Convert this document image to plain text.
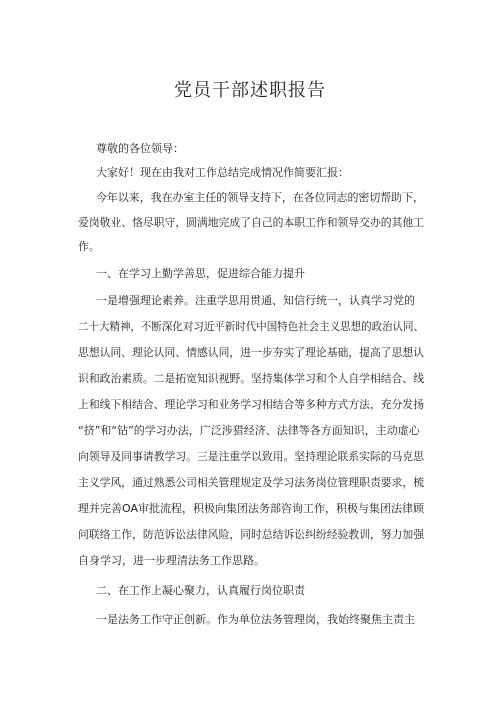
党员干部述职报告
尊敬的各位领导：
大家好！现在由我对工作总结完成情况作简要汇报：
今年以来，我在办室主任的领导支持下，在各位同志的密切帮助下，
爱岗敬业、恪尽职守，圆满地完成了自己的本职工作和领导交办的其他工
作。
一、在学习上勤学善思，促进综合能力提升
一是增强理论素养。注重学思用贯通、知信行统一，认真学习党的
二十大精神，不断深化对习近平新时代中国特色社会主义思想的政治认同、
思想认同、理论认同、情感认同，进一步夯实了理论基础，提高了思想认
识和政治素质。二是拓宽知识视野。坚持集体学习和个人自学相结合、线
上和线下相结合、理论学习和业务学习相结合等多种方式方法，充分发扬
“挤”和“钻”的学习办法，广泛涉猎经济、法律等各方面知识，主动虚心
向领导及同事请教学习。三是注重学以致用。坚持理论联系实际的马克思
主义学风，通过熟悉公司相关管理规定及学习法务岗位管理职责要求，梳
理并完善OA审批流程，积极向集团法务部咨询工作，积极与集团法律顾
问联络工作，防范诉讼法律风险，同时总结诉讼纠纷经验教训，努力加强
自身学习，进一步理清法务工作思路。
二、在工作上凝心聚力，认真履行岗位职责
一是法务工作守正创新。作为单位法务管理岗，我始终聚焦主责主
